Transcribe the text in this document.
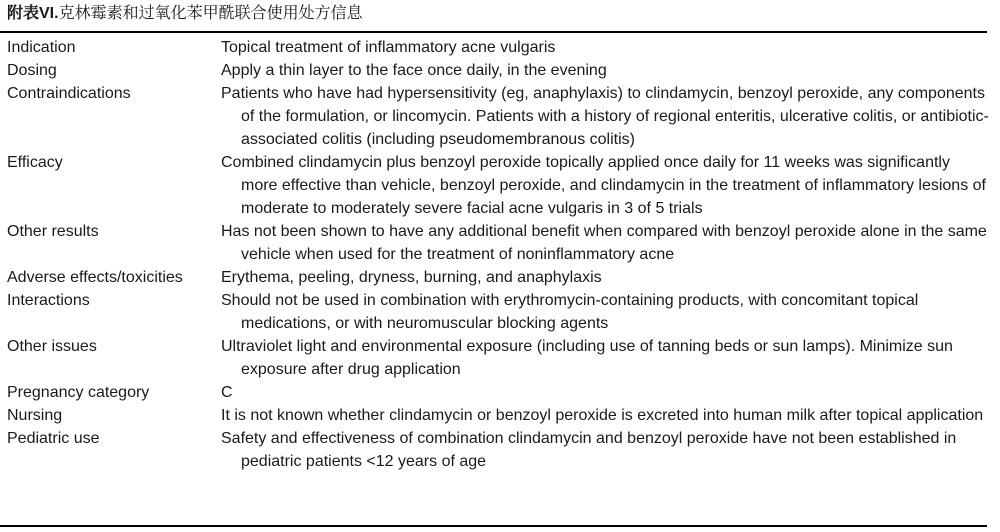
附表VI.克林霉素和过氧化苯甲酰联合使用处方信息
Indication	Topical treatment of inflammatory acne vulgaris
Dosing	Apply a thin layer to the face once daily, in the evening
Contraindications	Patients who have had hypersensitivity (eg, anaphylaxis) to clindamycin, benzoyl peroxide, any components of the formulation, or lincomycin. Patients with a history of regional enteritis, ulcerative colitis, or antibiotic-associated colitis (including pseudomembranous colitis)
Efficacy	Combined clindamycin plus benzoyl peroxide topically applied once daily for 11 weeks was significantly more effective than vehicle, benzoyl peroxide, and clindamycin in the treatment of inflammatory lesions of moderate to moderately severe facial acne vulgaris in 3 of 5 trials
Other results	Has not been shown to have any additional benefit when compared with benzoyl peroxide alone in the same vehicle when used for the treatment of noninflammatory acne
Adverse effects/toxicities	Erythema, peeling, dryness, burning, and anaphylaxis
Interactions	Should not be used in combination with erythromycin-containing products, with concomitant topical medications, or with neuromuscular blocking agents
Other issues	Ultraviolet light and environmental exposure (including use of tanning beds or sun lamps). Minimize sun exposure after drug application
Pregnancy category	C
Nursing	It is not known whether clindamycin or benzoyl peroxide is excreted into human milk after topical application
Pediatric use	Safety and effectiveness of combination clindamycin and benzoyl peroxide have not been established in pediatric patients <12 years of age
